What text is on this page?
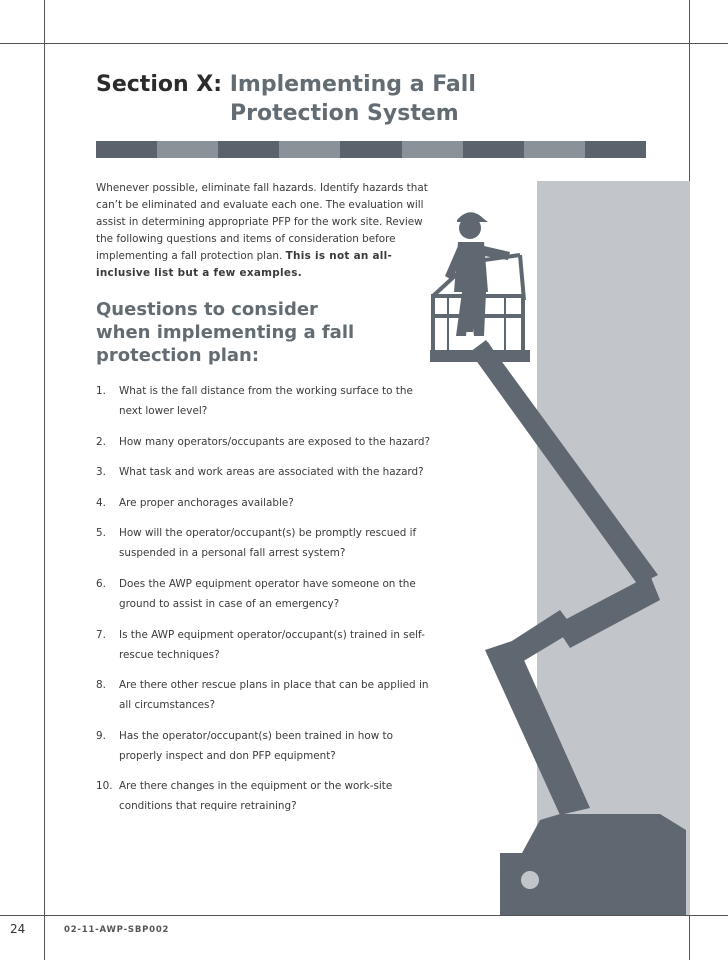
Section X: Implementing a Fall
Protection System
Whenever possible, eliminate fall hazards. Identify hazards that can’t be eliminated and evaluate each one. The evaluation will assist in determining appropriate PFP for the work site. Review the following questions and items of consideration before implementing a fall protection plan. This is not an all-inclusive list but a few examples.
Questions to consider
when implementing a fall
protection plan:
1. What is the fall distance from the working surface to the next lower level?
2. How many operators/occupants are exposed to the hazard?
3. What task and work areas are associated with the hazard?
4. Are proper anchorages available?
5. How will the operator/occupant(s) be promptly rescued if suspended in a personal fall arrest system?
6. Does the AWP equipment operator have someone on the ground to assist in case of an emergency?
7. Is the AWP equipment operator/occupant(s) trained in self-rescue techniques?
8. Are there other rescue plans in place that can be applied in all circumstances?
9. Has the operator/occupant(s) been trained in how to properly inspect and don PFP equipment?
10. Are there changes in the equipment or the work-site conditions that require retraining?
24	02-11-AWP-SBP002
